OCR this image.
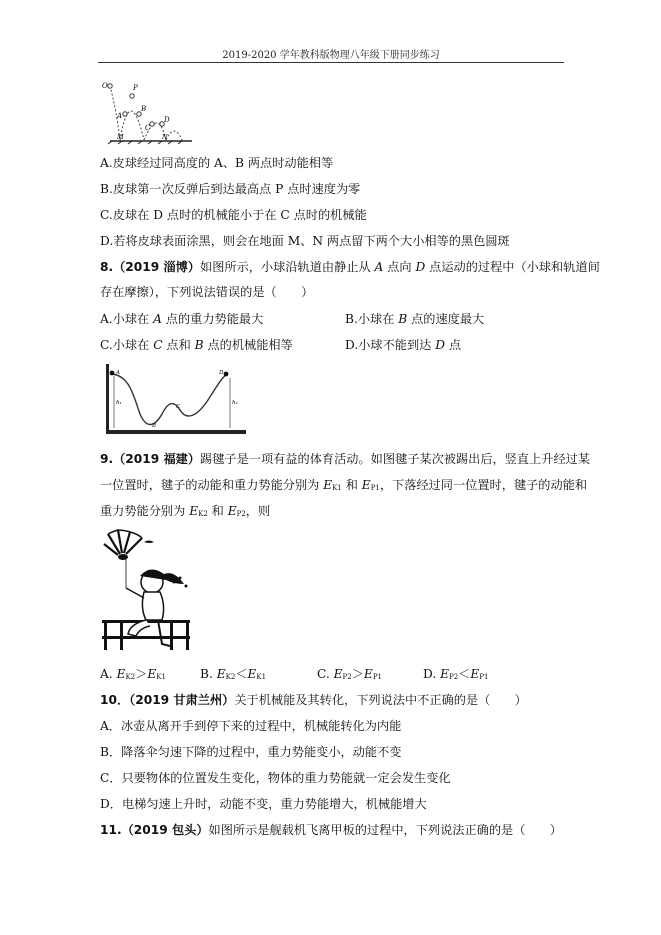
2019-2020 学年教科版物理八年级下册同步练习
O	P
A
B
C
D
M	N
A.皮球经过同高度的 A、B 两点时动能相等
B.皮球第一次反弹后到达最高点 P 点时速度为零
C.皮球在 D 点时的机械能小于在 C 点时的机械能
D.若将皮球表面涂黑，则会在地面 M、N 两点留下两个大小相等的黑色圆斑
8.（2019 淄博）如图所示，小球沿轨道由静止从 A 点向 D 点运动的过程中（小球和轨道间
存在摩擦），下列说法错误的是（　　）
A.小球在 A 点的重力势能最大	B.小球在 B 点的速度最大
C.小球在 C 点和 B 点的机械能相等	D.小球不能到达 D 点
A
B
C
D
h₁	h₂
9.（2019 福建）踢毽子是一项有益的体育活动。如图毽子某次被踢出后，竖直上升经过某
一位置时，毽子的动能和重力势能分别为 EK1 和 EP1，下落经过同一位置时，毽子的动能和
重力势能分别为 EK2 和 EP2，则
A. EK2＞EK1	B. EK2＜EK1	C. EP2＞EP1	D. EP2＜EP1
10．（2019 甘肃兰州）关于机械能及其转化，下列说法中不正确的是（　　）
A．冰壶从离开手到停下来的过程中，机械能转化为内能
B．降落伞匀速下降的过程中，重力势能变小，动能不变
C．只要物体的位置发生变化，物体的重力势能就一定会发生变化
D．电梯匀速上升时，动能不变，重力势能增大，机械能增大
11.（2019 包头）如图所示是舰载机飞离甲板的过程中，下列说法正确的是（　　）
